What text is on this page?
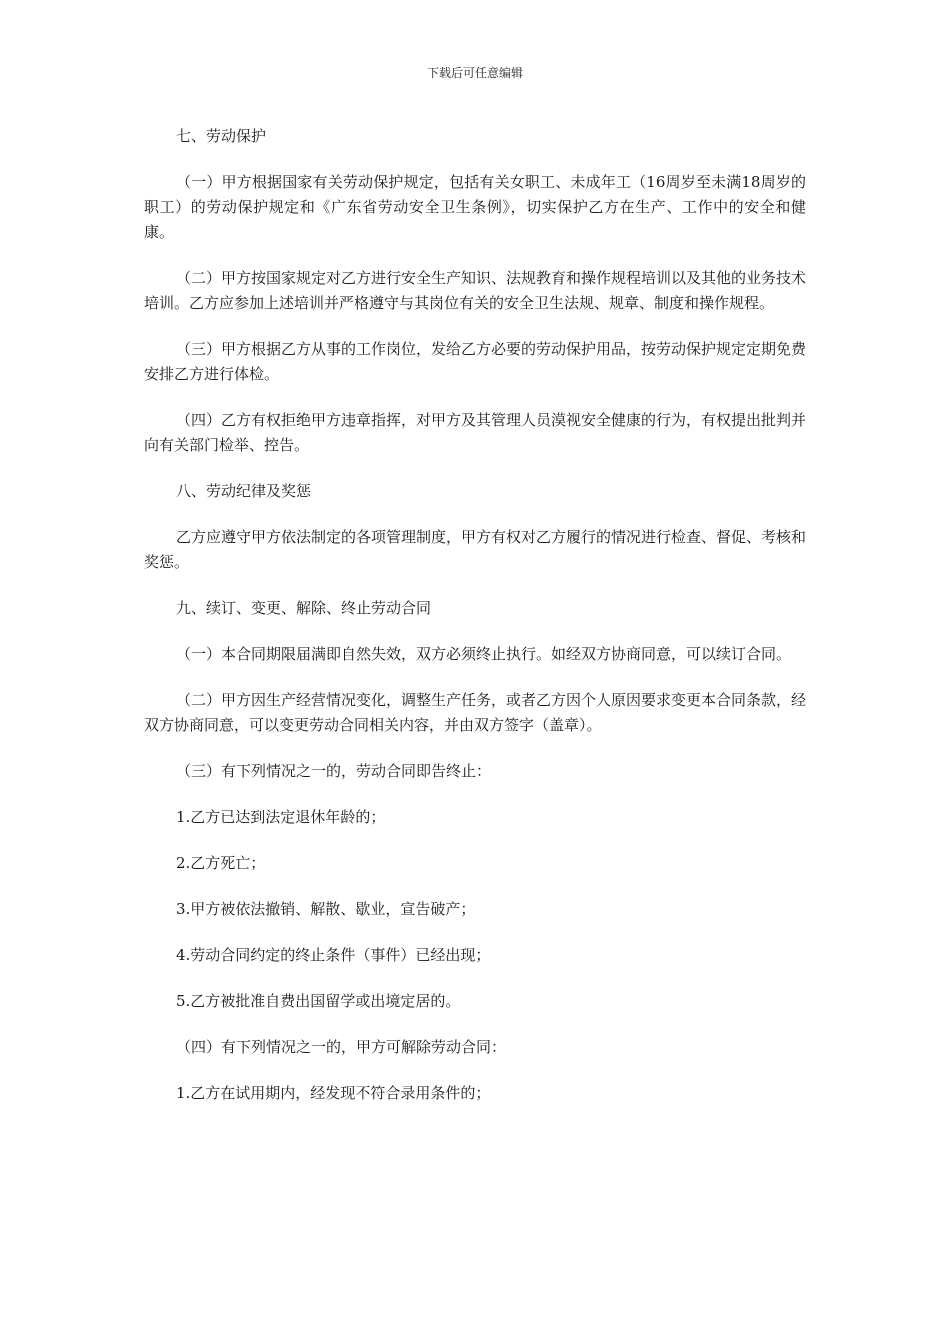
下载后可任意编辑

七、劳动保护

（一）甲方根据国家有关劳动保护规定，包括有关女职工、未成年工（16周岁至未满18周岁的职工）的劳动保护规定和《广东省劳动安全卫生条例》，切实保护乙方在生产、工作中的安全和健康。

（二）甲方按国家规定对乙方进行安全生产知识、法规教育和操作规程培训以及其他的业务技术培训。乙方应参加上述培训并严格遵守与其岗位有关的安全卫生法规、规章、制度和操作规程。

（三）甲方根据乙方从事的工作岗位，发给乙方必要的劳动保护用品，按劳动保护规定定期免费安排乙方进行体检。

（四）乙方有权拒绝甲方违章指挥，对甲方及其管理人员漠视安全健康的行为，有权提出批判并向有关部门检举、控告。

八、劳动纪律及奖惩

乙方应遵守甲方依法制定的各项管理制度，甲方有权对乙方履行的情况进行检查、督促、考核和奖惩。

九、续订、变更、解除、终止劳动合同

（一）本合同期限届满即自然失效，双方必须终止执行。如经双方协商同意，可以续订合同。

（二）甲方因生产经营情况变化，调整生产任务，或者乙方因个人原因要求变更本合同条款，经双方协商同意，可以变更劳动合同相关内容，并由双方签字（盖章）。

（三）有下列情况之一的，劳动合同即告终止：

1.乙方已达到法定退休年龄的；

2.乙方死亡；

3.甲方被依法撤销、解散、歇业，宣告破产；

4.劳动合同约定的终止条件（事件）已经出现；

5.乙方被批准自费出国留学或出境定居的。

（四）有下列情况之一的，甲方可解除劳动合同：

1.乙方在试用期内，经发现不符合录用条件的；
